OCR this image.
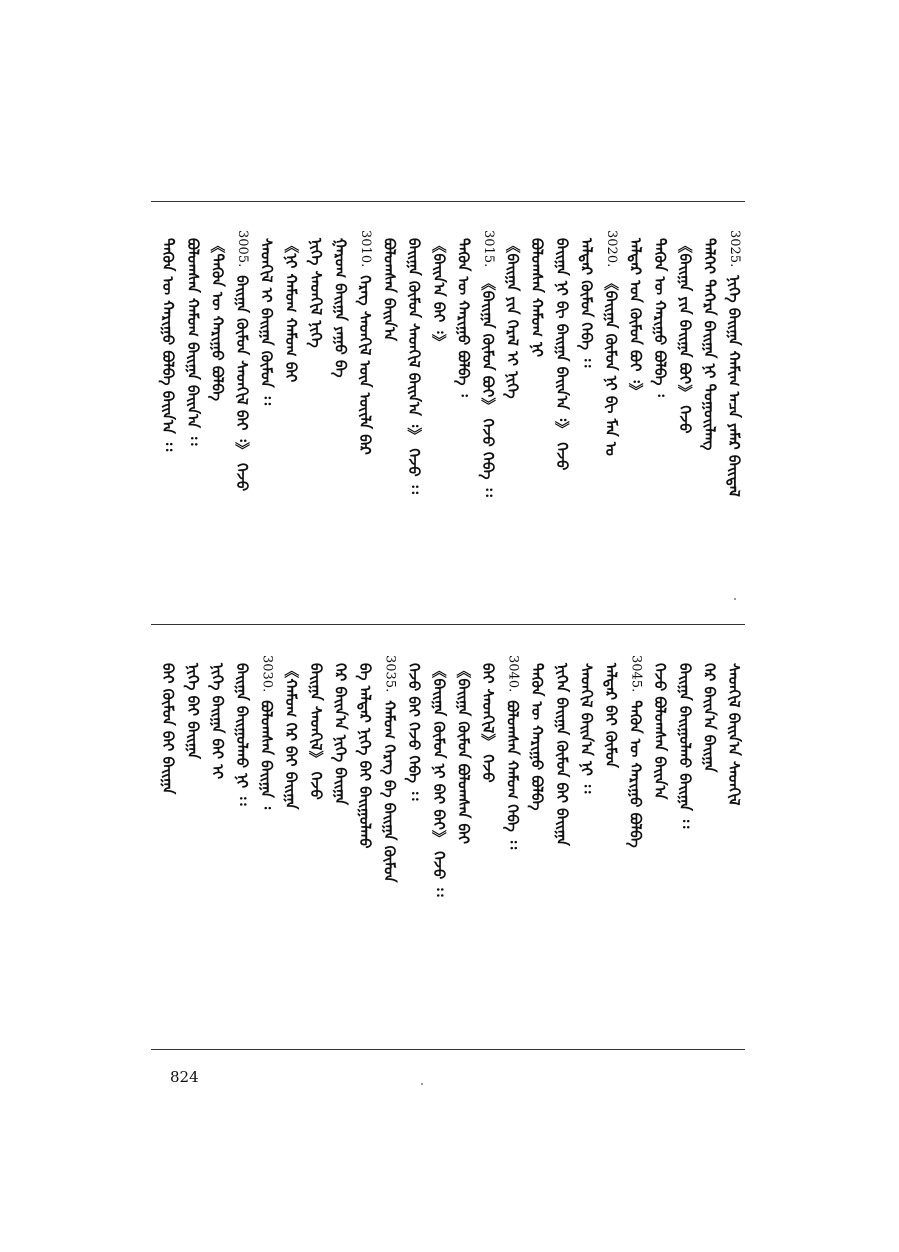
3025.ᠨᠢᠭᠡ ᠪᠠᠢᠭᠠ ᠬᠠᠮᠢᠭ ᠠᠴᠠ ᠶᠠᠮᠠᠷ ᠪᠠᠢᠳᠠᠯ
ᠳᠡᠯᠬᠡᠢ ᠳᠡᠭᠡᠷᠡ ᠪᠠᠢᠭᠠ ᠨᠢ ᠳᠤᠭᠤᠢᠯᠠᠩ
《ᠪᠠᠢᠭᠠ ᠶᠢᠨ ᠪᠠᠢᠭᠠ ᠪᠣᠢ》 ᠭᠡᠵᠦ
ᠲᠡᠭᠦᠨ ᠦ ᠬᠠᠷᠢᠭᠤ ᠪᠣᠯᠪᠠ ᠄
ᠠᠯᠳᠠᠷ ᠤᠨ ᠬᠦᠮᠦᠨ ᠪᠣᠢ ᠄》
3020.《ᠪᠠᠢᠭᠠ ᠬᠦᠮᠦᠨ ᠨᠢ ᠪᠢ ᠮᠠᠨ ᠤ
ᠠᠯᠳᠠᠷ ᠬᠦᠮᠦᠨ ᠭᠡᠪᠡ ᠄᠄
ᠪᠠᠢᠭᠠ ᠨᠢ ᠪᠢ ᠪᠠᠢᠭᠠ ᠪᠠᠢᠨ᠎ᠠ ᠄》 ᠭᠡᠵᠦ
ᠪᠣᠯᠤᠭᠰᠠᠨ ᠬᠠᠮᠤᠭ ᠨᠢ
《ᠪᠠᠢᠭᠠ ᠶᠢᠨ ᠭᠡᠷᠡᠯ ᠢ ᠨᠢᠭᠡ
3015.《ᠪᠠᠢᠭᠠ ᠬᠦᠮᠦᠨ ᠪᠣᠢ》 ᠭᠡᠵᠦ ᠭᠡᠪᠡ ᠄᠄
ᠲᠡᠭᠦᠨ ᠦ ᠬᠠᠷᠢᠭᠤ ᠪᠣᠯᠪᠠ ᠄
《ᠪᠠᠢᠨ᠎ᠠ ᠪᠠᠢ ᠄》
ᠪᠠᠢᠭᠠ ᠬᠦᠮᠦᠨ ᠰᠡᠳᠬᠢᠯ ᠪᠠᠢᠨ᠎ᠠ ᠄》 ᠭᠡᠵᠦ ᠄᠄
ᠪᠣᠯᠤᠭᠰᠠᠨ ᠪᠠᠢᠨ᠎ᠠ
3010.ᠬᠡᠷᠡᠭ ᠰᠡᠳᠬᠢᠯ ᠦᠨ ᠦᠢᠯᠡ ᠪᠡᠷ
ᠭᠠᠷᠤᠭ ᠪᠠᠢᠭᠠ ᠶᠠᠭᠤ ᠪᠡ
ᠨᠢᠭᠡ ᠰᠡᠳᠬᠢᠯ ᠨᠢᠭᠡ
《ᠨᠢ ᠬᠠᠮᠤᠭ ᠬᠠᠮᠤᠭ ᠪᠠᠢ
ᠰᠡᠳᠬᠢᠯ ᠢ ᠪᠠᠢᠭᠠ ᠬᠦᠮᠦᠨ ᠄᠄
3005.ᠪᠠᠢᠭᠠ ᠬᠦᠮᠦᠨ ᠰᠡᠳᠬᠢᠯ ᠪᠠᠢ ᠄》 ᠭᠡᠵᠦ
《ᠲᠡᠭᠦᠨ ᠦ ᠬᠠᠷᠢᠭᠤ ᠪᠣᠯᠪᠠ
ᠪᠣᠯᠤᠭᠰᠠᠨ ᠬᠠᠮᠤᠭ ᠪᠠᠢᠭᠠ ᠪᠠᠢᠨ᠎ᠠ ᠄᠄
ᠲᠡᠭᠦᠨ ᠦ ᠬᠠᠷᠢᠭᠤ ᠪᠣᠯᠪᠠ ᠪᠠᠢᠨ᠎ᠠ ᠄᠄
ᠰᠡᠳᠬᠢᠯ ᠪᠠᠢᠨ᠎ᠠ ᠰᠡᠳᠬᠢᠯ
ᠬᠡᠷ ᠪᠠᠢᠨ᠎ᠠ ᠪᠠᠢᠭᠠ
ᠪᠠᠢᠭᠠ ᠪᠠᠢᠭᠤᠯᠬᠤ ᠪᠠᠢᠭᠠ ᠄᠄
ᠭᠡᠵᠦ ᠪᠣᠯᠤᠭᠰᠠᠨ ᠪᠠᠢᠨ᠎ᠠ
3045.ᠲᠡᠭᠦᠨ ᠦ ᠬᠠᠷᠢᠭᠤ ᠪᠣᠯᠪᠠ
ᠠᠯᠳᠠᠷ ᠪᠠᠢ ᠬᠦᠮᠦᠨ
ᠰᠡᠳᠬᠢᠯ ᠪᠠᠢᠨ᠎ᠠ ᠨᠢ ᠄᠄
ᠨᠢᠭᠡᠨ ᠪᠠᠢᠭᠠ ᠬᠦᠮᠦᠨ ᠪᠠᠢ ᠪᠠᠢᠭᠠ
ᠲᠡᠭᠦᠨ ᠦ ᠬᠠᠷᠢᠭᠤ ᠪᠣᠯᠪᠠ
3040.ᠪᠣᠯᠤᠭᠰᠠᠨ ᠬᠠᠮᠤᠭ ᠭᠡᠪᠡ ᠄᠄
ᠪᠠᠢ ᠰᠡᠳᠬᠢᠯ》 ᠭᠡᠵᠦ
《ᠪᠠᠢᠭᠠ ᠬᠦᠮᠦᠨ ᠪᠣᠯᠤᠭᠰᠠᠨ ᠪᠠᠢ
《ᠪᠠᠢᠭᠠ ᠬᠦᠮᠦᠨ ᠨᠢ ᠪᠠᠢ ᠪᠠᠢ》 ᠭᠡᠵᠦ ᠄᠄
ᠭᠡᠵᠦ ᠪᠠᠢ ᠭᠡᠵᠦ ᠭᠡᠪᠡ ᠄᠄
3035.ᠬᠠᠮᠤᠭ ᠬᠡᠷᠡᠭ ᠪᠡ ᠪᠠᠢᠭᠠ ᠬᠦᠮᠦᠨ
ᠪᠠ ᠠᠯᠳᠠᠷ ᠨᠢᠭᠡ ᠪᠠᠢ ᠪᠠᠢᠭᠤᠯᠬᠤ
ᠬᠡᠷ ᠪᠠᠢᠨ᠎ᠠ ᠨᠢᠭᠡ ᠪᠠᠢᠭᠠ
ᠪᠠᠢᠭᠠ ᠰᠡᠳᠬᠢᠯ》 ᠭᠡᠵᠦ
《ᠬᠠᠮᠤᠭ ᠬᠡᠷ ᠪᠠᠢ ᠪᠠᠢᠭᠠ
3030.ᠪᠣᠯᠤᠭᠰᠠᠨ ᠪᠠᠢᠭᠠ ᠄
ᠪᠠᠢᠭᠠ ᠪᠠᠢᠭᠤᠯᠬᠤ ᠨᠢ ᠄᠄
ᠨᠢᠭᠡ ᠪᠠᠢᠭᠠ ᠪᠠᠢ ᠢ
ᠨᠢᠭᠡ ᠪᠠᠢ ᠪᠠᠢᠭᠠ
ᠪᠠᠢ ᠬᠦᠮᠦᠨ ᠪᠠᠢ ᠪᠠᠢᠭᠠ
824
